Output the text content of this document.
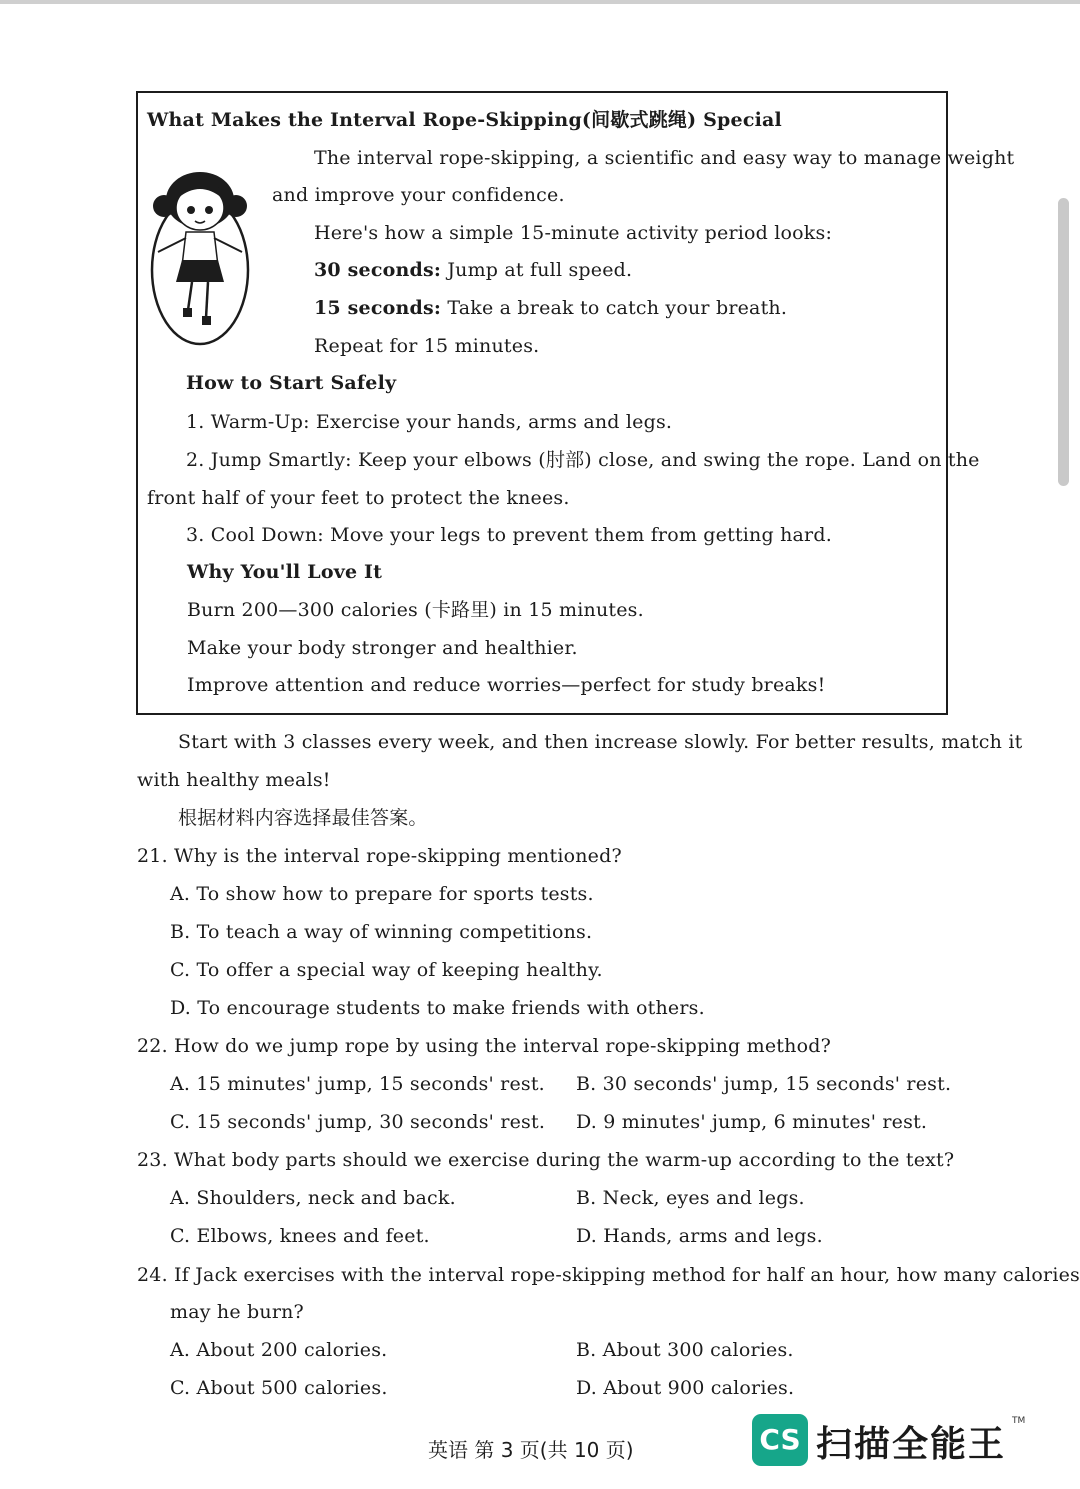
What Makes the Interval Rope-Skipping(间歇式跳绳) Special
The interval rope-skipping, a scientific and easy way to manage weight
and improve your confidence.
Here's how a simple 15-minute activity period looks:
30 seconds: Jump at full speed.
15 seconds: Take a break to catch your breath.
Repeat for 15 minutes.
How to Start Safely
1. Warm-Up: Exercise your hands, arms and legs.
2. Jump Smartly: Keep your elbows (肘部) close, and swing the rope. Land on the
front half of your feet to protect the knees.
3. Cool Down: Move your legs to prevent them from getting hard.
Why You'll Love It
Burn 200—300 calories (卡路里) in 15 minutes.
Make your body stronger and healthier.
Improve attention and reduce worries—perfect for study breaks!
Start with 3 classes every week, and then increase slowly. For better results, match it
with healthy meals!
根据材料内容选择最佳答案。
21. Why is the interval rope-skipping mentioned?
A. To show how to prepare for sports tests.
B. To teach a way of winning competitions.
C. To offer a special way of keeping healthy.
D. To encourage students to make friends with others.
22. How do we jump rope by using the interval rope-skipping method?
A. 15 minutes' jump, 15 seconds' rest. B. 30 seconds' jump, 15 seconds' rest.
C. 15 seconds' jump, 30 seconds' rest. D. 9 minutes' jump, 6 minutes' rest.
23. What body parts should we exercise during the warm-up according to the text?
A. Shoulders, neck and back.	B. Neck, eyes and legs.
C. Elbows, knees and feet.	D. Hands, arms and legs.
24. If Jack exercises with the interval rope-skipping method for half an hour, how many calories
may he burn?
A. About 200 calories.	B. About 300 calories.
C. About 500 calories.	D. About 900 calories.
英语 第 3 页(共 10 页)	CS 扫描全能王
TM
